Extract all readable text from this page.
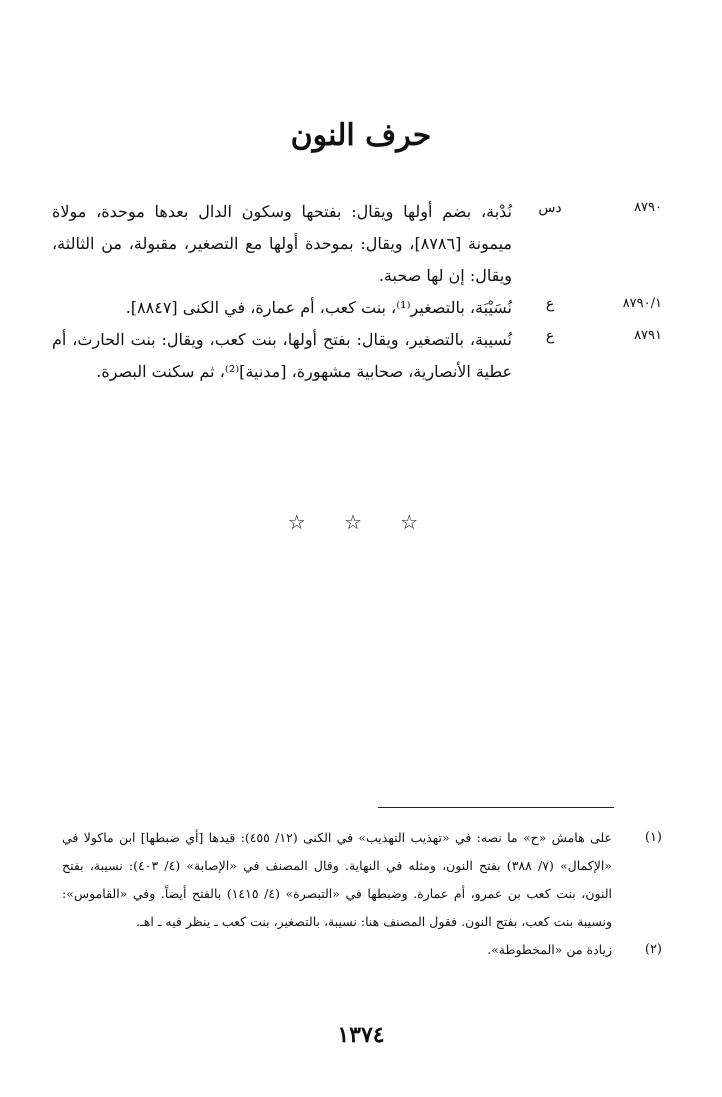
حرف النون
٨٧٩٠
دس
نُدْبة، بضم أولها ويقال: بفتحها وسكون الدال بعدها موحدة، مولاة ميمونة [٨٧٨٦]، ويقال: بموحدة أولها مع التصغير، مقبولة، من الثالثة، ويقال: إن لها صحبة.
٨٧٩٠/١
ع
نُسَيْبَة، بالتصغير⁽¹⁾، بنت كعب، أم عمارة، في الكنى [٨٨٤٧].
٨٧٩١
ع
نُسيبة، بالتصغير، ويقال: بفتح أولها، بنت كعب، ويقال: بنت الحارث، أم عطية الأنصارية، صحابية مشهورة، [مدنية]⁽²⁾، ثم سكنت البصرة.
☆ ☆ ☆
(١)
على هامش «ح» ما نصه: في «تهذيب التهذيب» في الكنى (١٢/ ٤٥٥): قيدها [أي ضبطها] ابن ماكولا في «الإكمال» (٧/ ٣٨٨) بفتح النون، ومثله في النهاية. وقال المصنف في «الإصابة» (٤/ ٤٠٣): نسيبة، بفتح النون، بنت كعب بن عمرو، أم عمارة. وضبطها في «التبصرة» (٤/ ١٤١٥) بالفتح أيضاً. وفي «القاموس»: ونسيبة بنت كعب، بفتح النون. فقول المصنف هنا: نسيبة، بالتصغير، بنت كعب ـ ينظر فيه ـ اهـ.
(٢)
زيادة من «المخطوطة».
١٣٧٤
